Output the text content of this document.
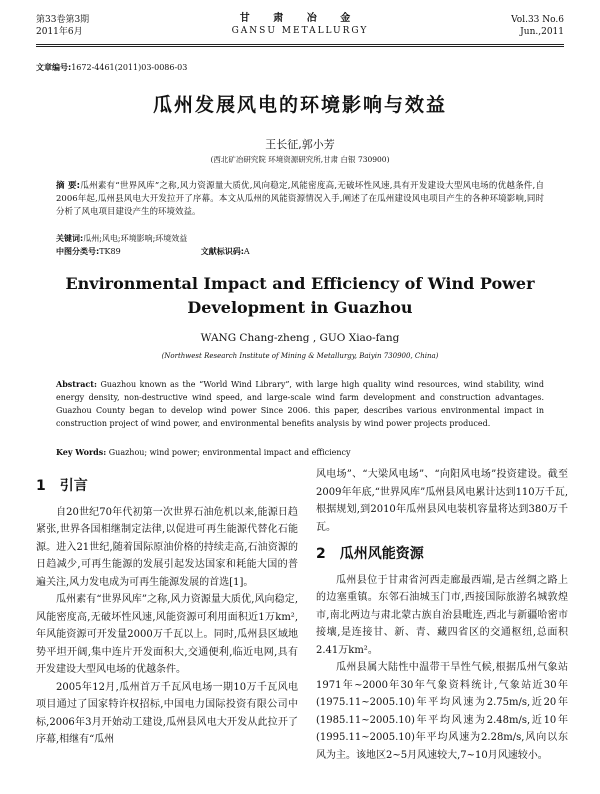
第33卷第3期
2011年6月
甘 肃 冶 金
GANSU METALLURGY
Vol.33 No.6
Jun.,2011
文章编号:1672-4461(2011)03-0086-03
瓜州发展风电的环境影响与效益
王长征,郭小芳
(西北矿冶研究院 环境资源研究所,甘肃 白银 730900)
摘 要:瓜州素有“世界风库”之称,风力资源量大质优,风向稳定,风能密度高,无破坏性风速,具有开发建设大型风电场的优越条件,自2006年起,瓜州县风电大开发拉开了序幕。本文从瓜州的风能资源情况入手,阐述了在瓜州建设风电项目产生的各种环境影响,同时分析了风电项目建设产生的环境效益。
关键词:瓜州;风电;环境影响;环境效益
中图分类号:TK89	文献标识码:A
Environmental Impact and Efficiency of Wind Power
Development in Guazhou
WANG Chang-zheng , GUO Xiao-fang
(Northwest Research Institute of Mining & Metallurgy, Baiyin 730900, China)
Abstract: Guazhou known as the “World Wind Library”, with large high quality wind resources, wind stability, wind energy density, non-destructive wind speed, and large-scale wind farm development and construction advantages. Guazhou County began to develop wind power Since 2006. this paper, describes various environmental impact in construction project of wind power, and environmental benefits analysis by wind power projects produced.
Key Words: Guazhou; wind power; environmental impact and efficiency
1 引言

自20世纪70年代初第一次世界石油危机以来,能源日趋紧张,世界各国相继制定法律,以促进可再生能源代替化石能源。进入21世纪,随着国际原油价格的持续走高,石油资源的日趋减少,可再生能源的发展引起发达国家和耗能大国的普遍关注,风力发电成为可再生能源发展的首选[1]。

瓜州素有“世界风库”之称,风力资源量大质优,风向稳定,风能密度高,无破坏性风速,风能资源可利用面积近1万km²,年风能资源可开发量2000万千瓦以上。同时,瓜州县区域地势平坦开阔,集中连片开发面积大,交通便利,临近电网,具有开发建设大型风电场的优越条件。

2005年12月,瓜州首万千瓦风电场一期10万千瓦风电项目通过了国家特许权招标,中国电力国际投资有限公司中标,2006年3月开始动工建设,瓜州县风电大开发从此拉开了序幕,相继有“瓜州

风电场”、“大梁风电场”、“向阳风电场”投资建设。截至2009年年底,“世界风库”瓜州县风电累计达到110万千瓦,根据规划,到2010年瓜州县风电装机容量将达到380万千瓦。

2 瓜州风能资源

瓜州县位于甘肃省河西走廊最西端,是古丝绸之路上的边塞重镇。东邻石油城玉门市,西接国际旅游名城敦煌市,南北两边与肃北蒙古族自治县毗连,西北与新疆哈密市接壤,是连接甘、新、青、藏四省区的交通枢纽,总面积2.41万km²。

瓜州县属大陆性中温带干旱性气候,根据瓜州气象站1971年~2000年30年气象资料统计,气象站近30年(1975.11~2005.10)年平均风速为2.75m/s,近20年(1985.11~2005.10)年平均风速为2.48m/s,近10年(1995.11~2005.10)年平均风速为2.28m/s,风向以东风为主。该地区2~5月风速较大,7~10月风速较小。
